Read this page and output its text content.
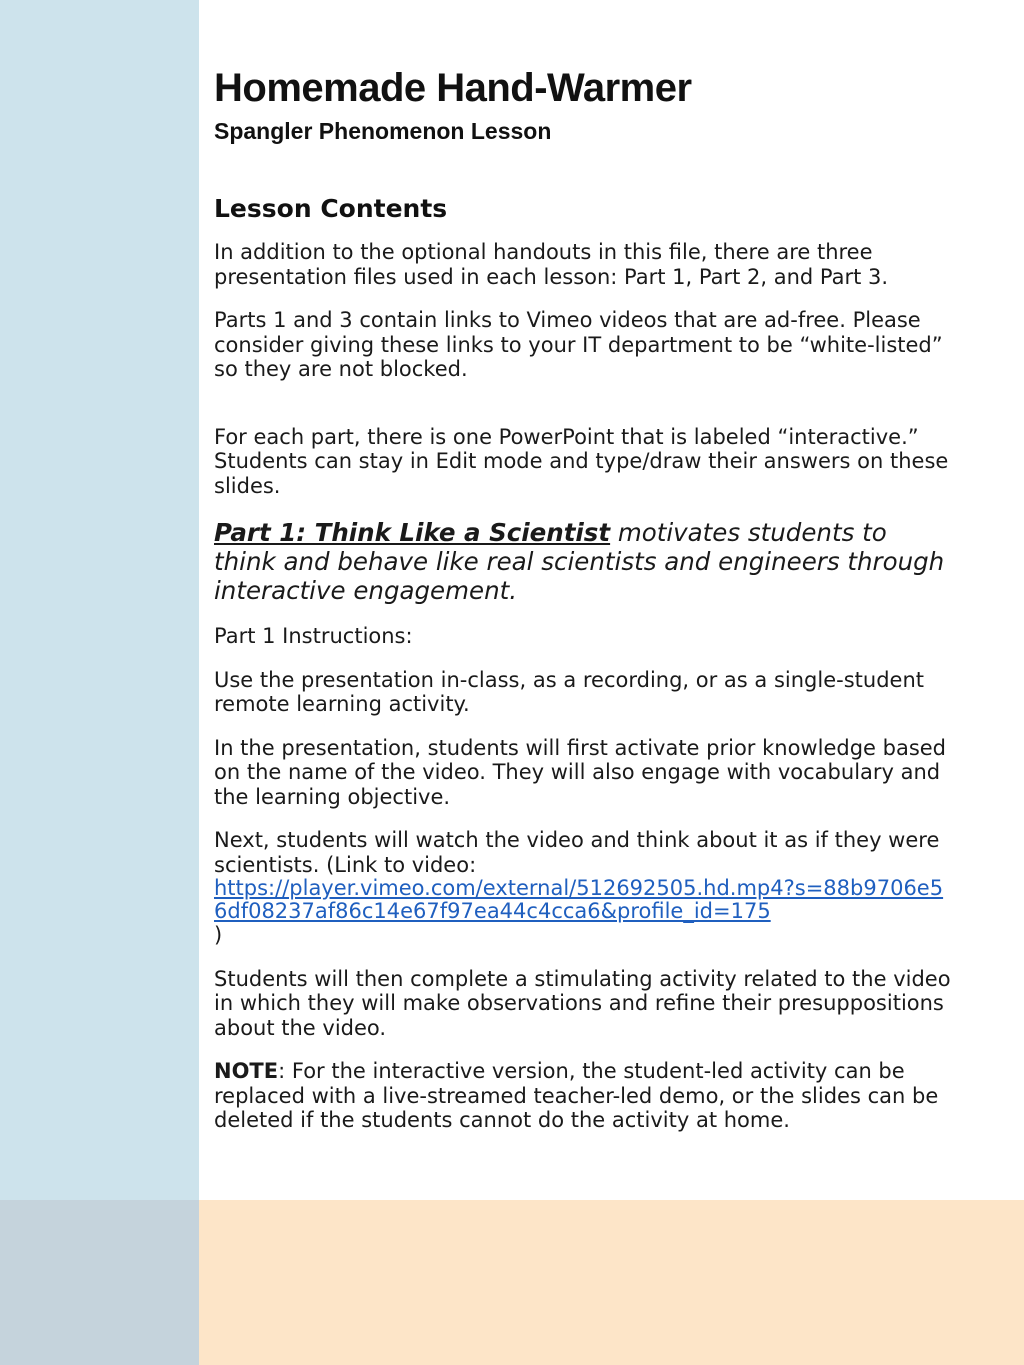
Homemade Hand-Warmer
Spangler Phenomenon Lesson
Lesson Contents

In addition to the optional handouts in this file, there are three presentation files used in each lesson: Part 1, Part 2, and Part 3.

Parts 1 and 3 contain links to Vimeo videos that are ad-free. Please consider giving these links to your IT department to be “white-listed” so they are not blocked.

For each part, there is one PowerPoint that is labeled “interactive.” Students can stay in Edit mode and type/draw their answers on these slides.

Part 1: Think Like a Scientist motivates students to think and behave like real scientists and engineers through interactive engagement.

Part 1 Instructions:

Use the presentation in-class, as a recording, or as a single-student remote learning activity.

In the presentation, students will first activate prior knowledge based on the name of the video. They will also engage with vocabulary and the learning objective.

Next, students will watch the video and think about it as if they were scientists. (Link to video:
https://player.vimeo.com/external/512692505.hd.mp4?s=88b9706e56df08237af86c14e67f97ea44c4cca6&profile_id=175
)

Students will then complete a stimulating activity related to the video in which they will make observations and refine their presuppositions about the video.

NOTE: For the interactive version, the student-led activity can be replaced with a live-streamed teacher-led demo, or the slides can be deleted if the students cannot do the activity at home.
